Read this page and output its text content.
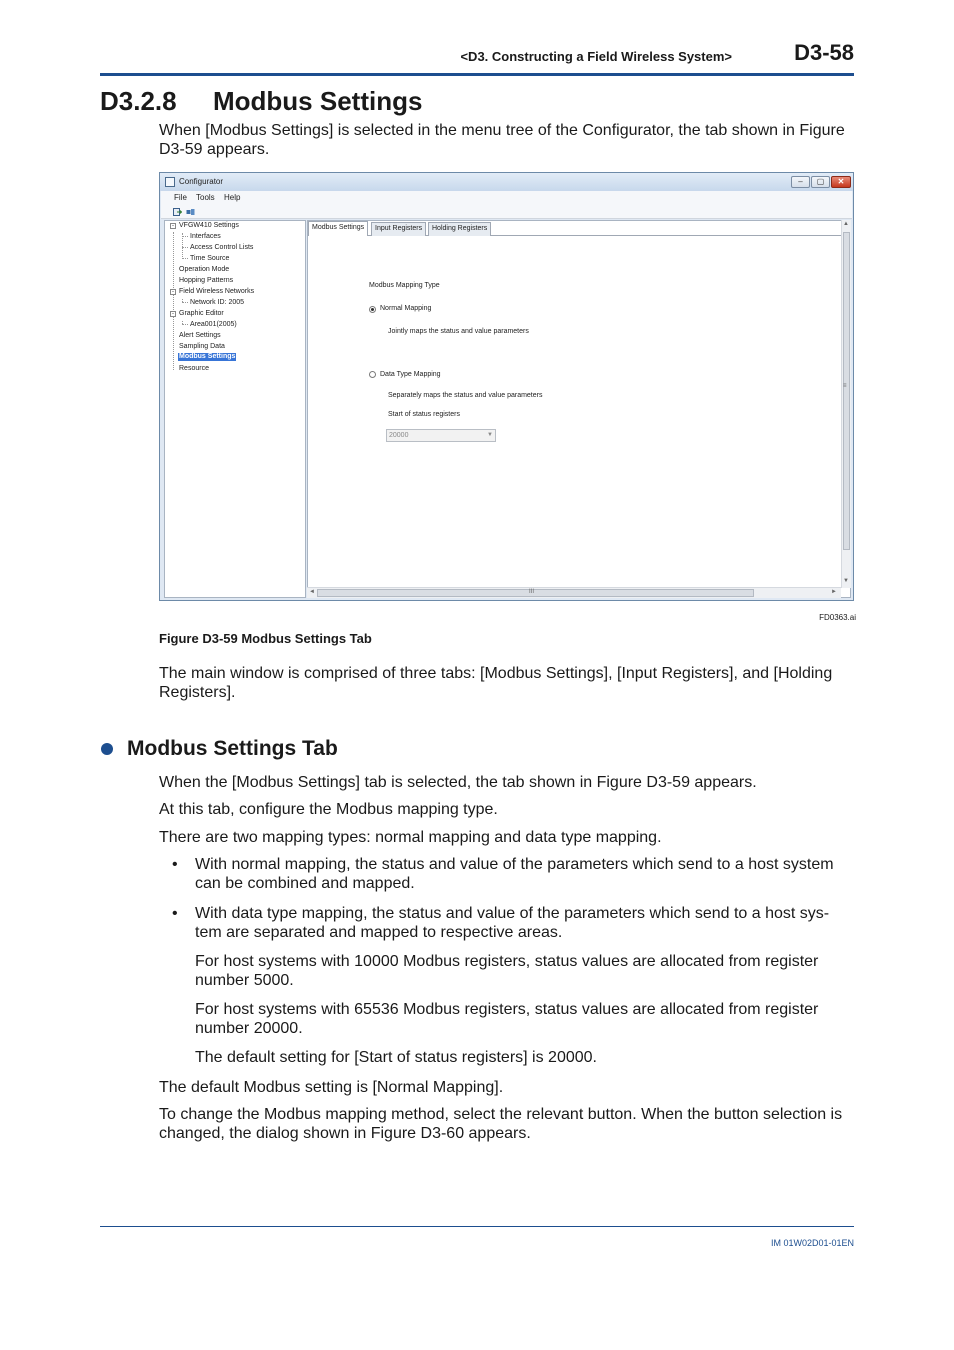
<D3. Constructing a Field Wireless System>	D3-58
D3.2.8 Modbus Settings
When [Modbus Settings] is selected in the menu tree of the Configurator, the tab shown in Figure
D3-59 appears.
Configurator	–	▢	✕
File Tools Help
- VFGW410 Settings
Interfaces
Access Control Lists
Time Source
Operation Mode
Hopping Patterns
- Field Wireless Networks
Network ID: 2005
- Graphic Editor
Area001(2005)
Alert Settings
Sampling Data
Modbus Settings
Resource
Modbus Settings	Input Registers	Holding Registers
Modbus Mapping Type
Normal Mapping
Jointly maps the status and value parameters
Data Type Mapping
Separately maps the status and value parameters
Start of status registers
20000	▼
▲
≡
▼
◄	III	►
FD0363.ai
Figure D3-59 Modbus Settings Tab
The main window is comprised of three tabs: [Modbus Settings], [Input Registers], and [Holding
Registers].
Modbus Settings Tab
When the [Modbus Settings] tab is selected, the tab shown in Figure D3-59 appears.
At this tab, configure the Modbus mapping type.
There are two mapping types: normal mapping and data type mapping.
• With normal mapping, the status and value of the parameters which send to a host system
can be combined and mapped.
• With data type mapping, the status and value of the parameters which send to a host sys-
tem are separated and mapped to respective areas.
For host systems with 10000 Modbus registers, status values are allocated from register
number 5000.
For host systems with 65536 Modbus registers, status values are allocated from register
number 20000.
The default setting for [Start of status registers] is 20000.
The default Modbus setting is [Normal Mapping].
To change the Modbus mapping method, select the relevant button. When the button selection is
changed, the dialog shown in Figure D3-60 appears.
IM 01W02D01-01EN
